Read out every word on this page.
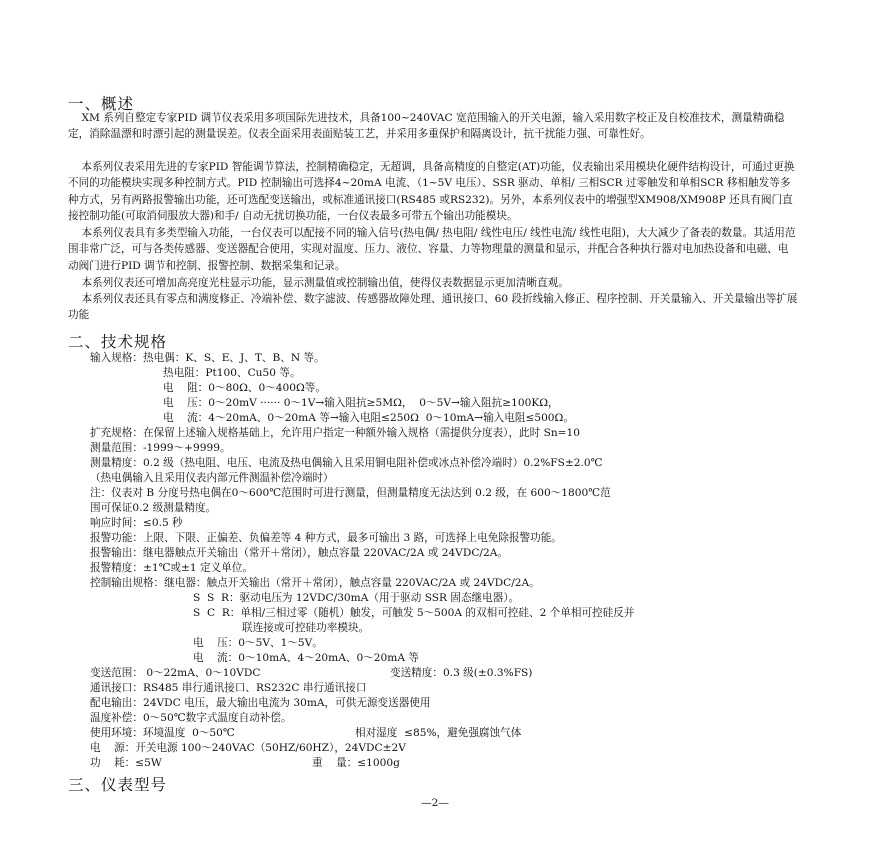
一、概述
XM 系列自整定专家PID 调节仪表采用多项国际先进技术，具备100~240VAC 宽范围输入的开关电源，输入采用数字校正及自校准技术，测量精确稳定，消除温漂和时漂引起的测量误差。仪表全面采用表面贴装工艺，并采用多重保护和隔离设计，抗干扰能力强、可靠性好。
本系列仪表采用先进的专家PID 智能调节算法，控制精确稳定，无超调，具备高精度的自整定(AT)功能，仪表输出采用模块化硬件结构设计，可通过更换不同的功能模块实现多种控制方式。PID 控制输出可选择4~20mA 电流、（1~5V 电压）、SSR 驱动、单相/ 三相SCR 过零触发和单相SCR 移相触发等多种方式，另有两路报警输出功能，还可选配变送输出，或标准通讯接口(RS485 或RS232)。另外，本系列仪表中的增强型XM908/XM908P 还具有阀门直接控制功能(可取消伺服放大器)和手/ 自动无扰切换功能，一台仪表最多可带五个输出功能模块。
本系列仪表具有多类型输入功能，一台仪表可以配接不同的输入信号(热电偶/ 热电阻/ 线性电压/ 线性电流/ 线性电阻)，大大减少了备表的数量。其适用范围非常广泛，可与各类传感器、变送器配合使用，实现对温度、压力、液位、容量、力等物理量的测量和显示，并配合各种执行器对电加热设备和电磁、电动阀门进行PID 调节和控制、报警控制、数据采集和记录。
本系列仪表还可增加高亮度光柱显示功能，显示测量值或控制输出值，使得仪表数据显示更加清晰直观。
本系列仪表还具有零点和满度修正、冷端补偿、数字滤波、传感器故障处理、通讯接口、60 段折线输入修正、程序控制、开关量输入、开关量输出等扩展功能
二、技术规格
输入规格：热电偶：K、S、E、J、T、B、N 等。
热电阻：Pt100、Cu50 等。
电    阻：0～80Ω、0～400Ω等。
电    压：0～20mV ······ 0～1V→输入阻抗≥5MΩ，  0～5V→输入阻抗≥100KΩ，
电    流：4～20mA、0～20mA 等→输入电阻≤250Ω  0～10mA→输入电阻≤500Ω。
扩充规格：在保留上述输入规格基础上，允许用户指定一种额外输入规格（需提供分度表），此时 Sn=10
测量范围：-1999～+9999。
测量精度：0.2 级（热电阻、电压、电流及热电偶输入且采用铜电阻补偿或冰点补偿冷端时）0.2%FS±2.0℃
（热电偶输入且采用仪表内部元件测温补偿冷端时）
注：仪表对 B 分度号热电偶在0～600℃范围时可进行测量，但测量精度无法达到 0.2 级，在 600～1800℃范
围可保证0.2 级测量精度。
响应时间：≤0.5 秒
报警功能：上限、下限、正偏差、负偏差等 4 种方式，最多可输出 3 路，可选择上电免除报警功能。
报警输出：继电器触点开关输出（常开＋常闭），触点容量 220VAC/2A 或 24VDC/2A。
报警精度：±1℃或±1 定义单位。
控制输出规格：继电器：触点开关输出（常开＋常闭），触点容量 220VAC/2A 或 24VDC/2A。
S  S  R：驱动电压为 12VDC/30mA（用于驱动 SSR 固态继电器）。
S  C  R：单相/三相过零（随机）触发，可触发 5～500A 的双相可控硅、2 个单相可控硅反并
联连接或可控硅功率模块。
电    压：0～5V、1～5V。
电    流：0～10mA、4～20mA、0～20mA 等
变送范围： 0～22mA、0～10VDC	变送精度：0.3 级(±0.3%FS)
通讯接口：RS485 串行通讯接口、RS232C 串行通讯接口
配电输出：24VDC 电压，最大输出电流为 30mA，可供无源变送器使用
温度补偿：0～50℃数字式温度自动补偿。
使用环境：环境温度  0～50℃	相对湿度  ≤85%，避免强腐蚀气体
电    源：开关电源 100～240VAC（50HZ/60HZ），24VDC±2V
功    耗：≤5W	重    量：≤1000g
三、仪表型号
—2—
